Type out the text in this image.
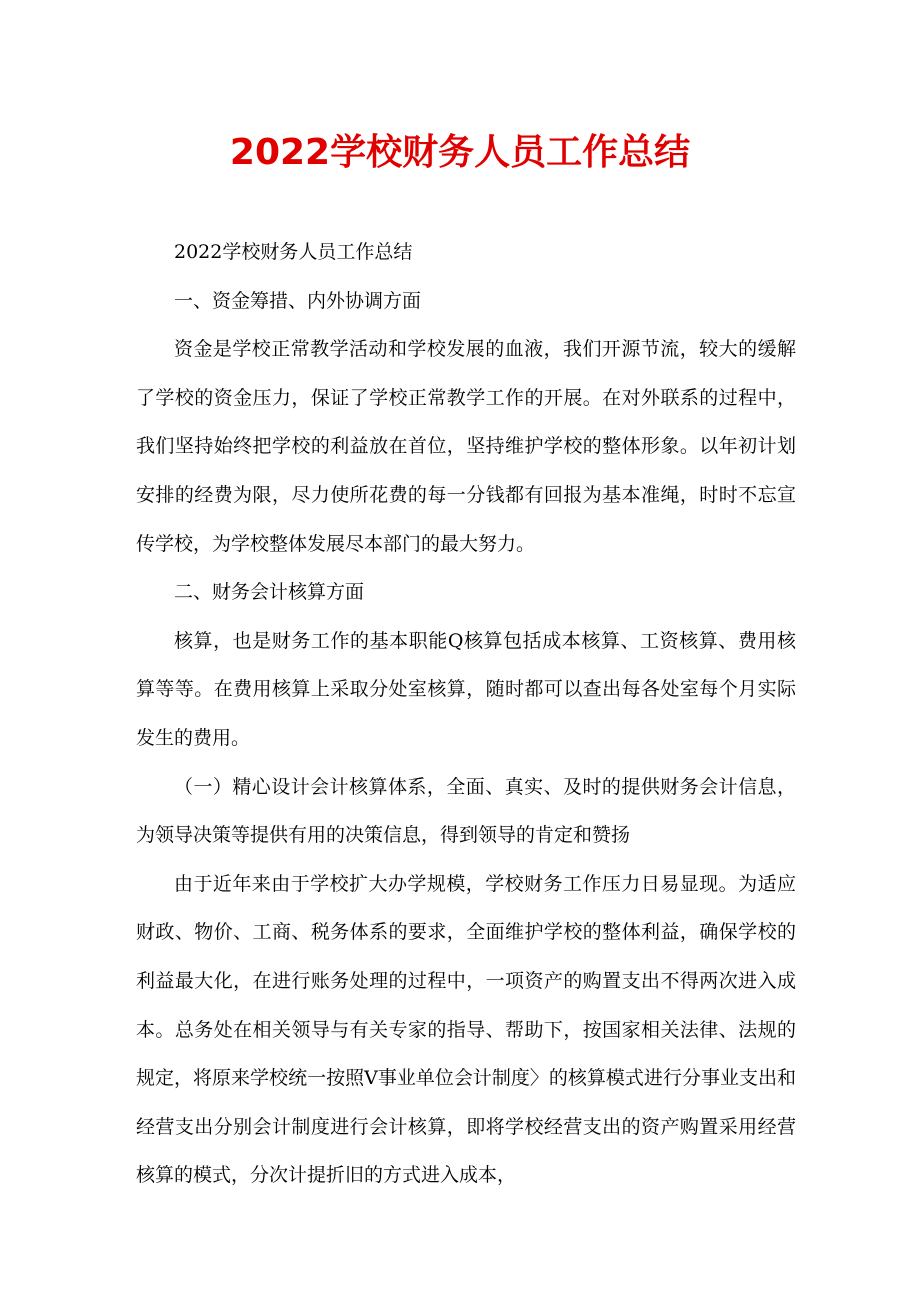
2022学校财务人员工作总结

2022学校财务人员工作总结

一、资金筹措、内外协调方面

资金是学校正常教学活动和学校发展的血液，我们开源节流，较大的缓解了学校的资金压力，保证了学校正常教学工作的开展。在对外联系的过程中，我们坚持始终把学校的利益放在首位，坚持维护学校的整体形象。以年初计划安排的经费为限，尽力使所花费的每一分钱都有回报为基本准绳，时时不忘宣传学校，为学校整体发展尽本部门的最大努力。

二、财务会计核算方面

核算，也是财务工作的基本职能Q核算包括成本核算、工资核算、费用核算等等。在费用核算上采取分处室核算，随时都可以查出每各处室每个月实际发生的费用。

（一）精心设计会计核算体系，全面、真实、及时的提供财务会计信息，为领导决策等提供有用的决策信息，得到领导的肯定和赞扬

由于近年来由于学校扩大办学规模，学校财务工作压力日易显现。为适应财政、物价、工商、税务体系的要求，全面维护学校的整体利益，确保学校的利益最大化，在进行账务处理的过程中，一项资产的购置支出不得两次进入成本。总务处在相关领导与有关专家的指导、帮助下，按国家相关法律、法规的规定，将原来学校统一按照Ⅴ事业单位会计制度〉的核算模式进行分事业支出和经营支出分别会计制度进行会计核算，即将学校经营支出的资产购置采用经营核算的模式，分次计提折旧的方式进入成本，
